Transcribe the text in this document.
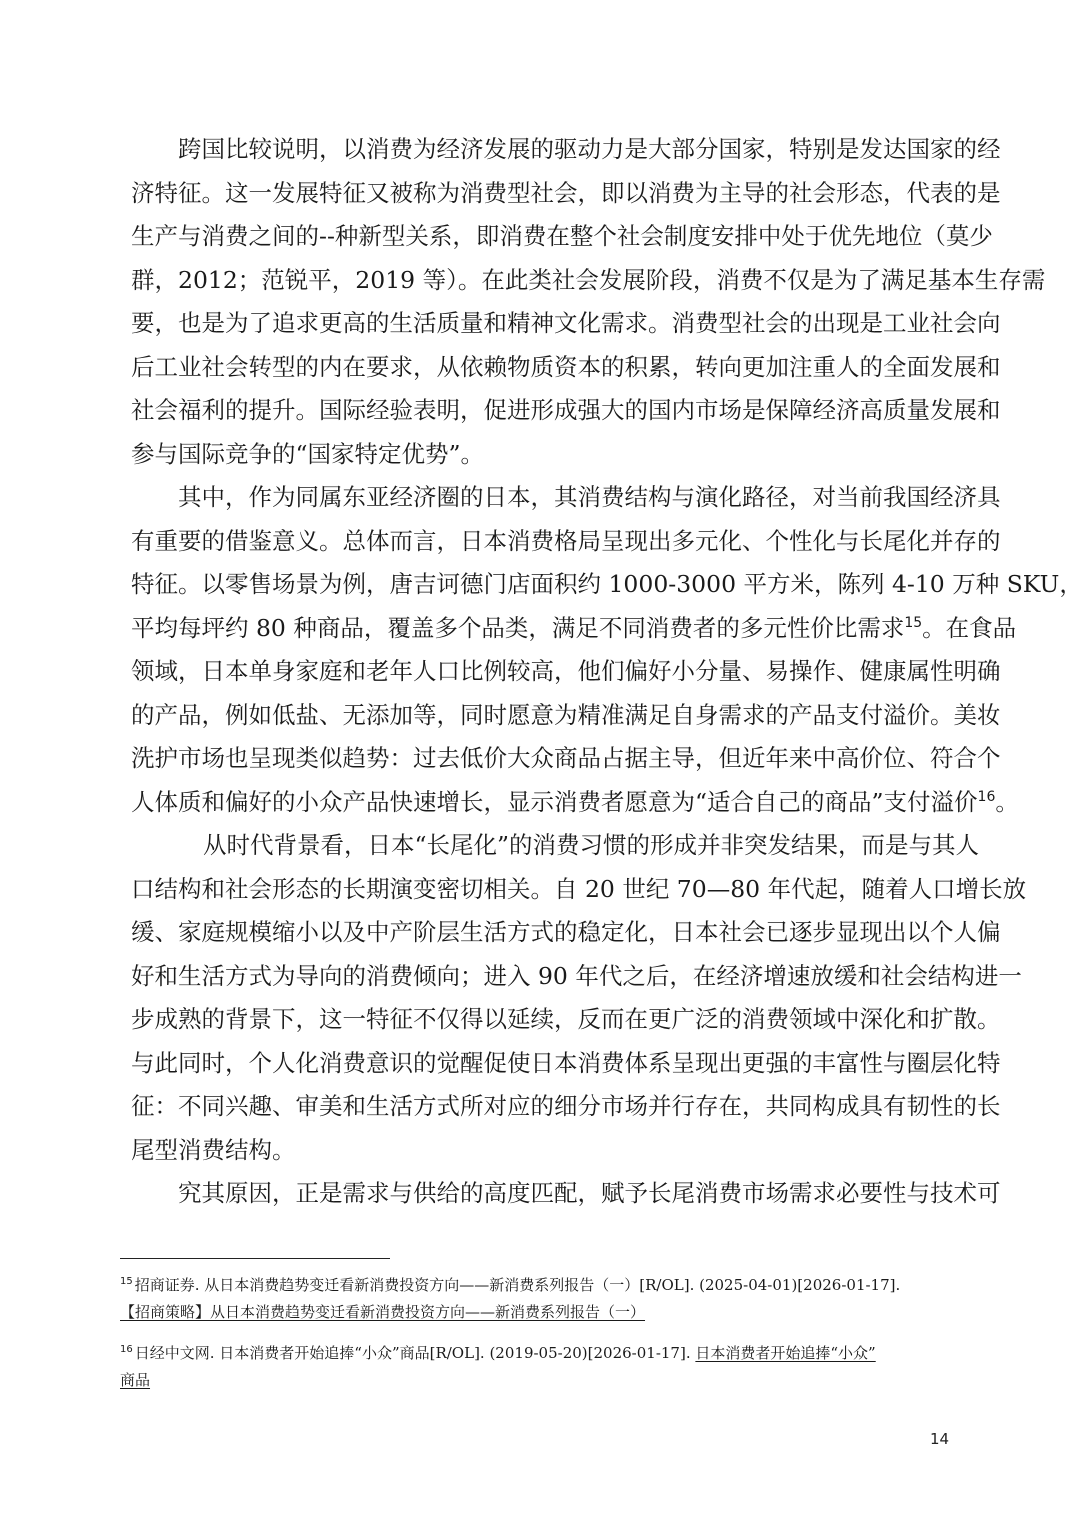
跨国比较说明，以消费为经济发展的驱动力是大部分国家，特别是发达国家的经
济特征。这一发展特征又被称为消费型社会，即以消费为主导的社会形态，代表的是
生产与消费之间的--种新型关系，即消费在整个社会制度安排中处于优先地位（莫少
群，2012；范锐平，2019 等）。在此类社会发展阶段，消费不仅是为了满足基本生存需
要，也是为了追求更高的生活质量和精神文化需求。消费型社会的出现是工业社会向
后工业社会转型的内在要求，从依赖物质资本的积累，转向更加注重人的全面发展和
社会福利的提升。国际经验表明，促进形成强大的国内市场是保障经济高质量发展和
参与国际竞争的“国家特定优势”。
其中，作为同属东亚经济圈的日本，其消费结构与演化路径，对当前我国经济具
有重要的借鉴意义。总体而言，日本消费格局呈现出多元化、个性化与长尾化并存的
特征。以零售场景为例，唐吉诃德门店面积约 1000-3000 平方米，陈列 4-10 万种 SKU，
平均每坪约 80 种商品，覆盖多个品类，满足不同消费者的多元性价比需求$^{15}$。在食品
领域，日本单身家庭和老年人口比例较高，他们偏好小分量、易操作、健康属性明确
的产品，例如低盐、无添加等，同时愿意为精准满足自身需求的产品支付溢价。美妆
洗护市场也呈现类似趋势：过去低价大众商品占据主导，但近年来中高价位、符合个
人体质和偏好的小众产品快速增长，显示消费者愿意为“适合自己的商品”支付溢价$^{16}$。
从时代背景看，日本“长尾化”的消费习惯的形成并非突发结果，而是与其人
口结构和社会形态的长期演变密切相关。自 20 世纪 70—80 年代起，随着人口增长放
缓、家庭规模缩小以及中产阶层生活方式的稳定化，日本社会已逐步显现出以个人偏
好和生活方式为导向的消费倾向；进入 90 年代之后，在经济增速放缓和社会结构进一
步成熟的背景下，这一特征不仅得以延续，反而在更广泛的消费领域中深化和扩散。
与此同时，个人化消费意识的觉醒促使日本消费体系呈现出更强的丰富性与圈层化特
征：不同兴趣、审美和生活方式所对应的细分市场并行存在，共同构成具有韧性的长
尾型消费结构。
究其原因，正是需求与供给的高度匹配，赋予长尾消费市场需求必要性与技术可
$^{15}$ 招商证券. 从日本消费趋势变迁看新消费投资方向——新消费系列报告（一）[R/OL]. (2025-04-01)[2026-01-17].
【招商策略】从日本消费趋势变迁看新消费投资方向——新消费系列报告（一）
$^{16}$ 日经中文网. 日本消费者开始追捧“小众”商品[R/OL]. (2019-05-20)[2026-01-17]. 日本消费者开始追捧“小众”
商品
14
